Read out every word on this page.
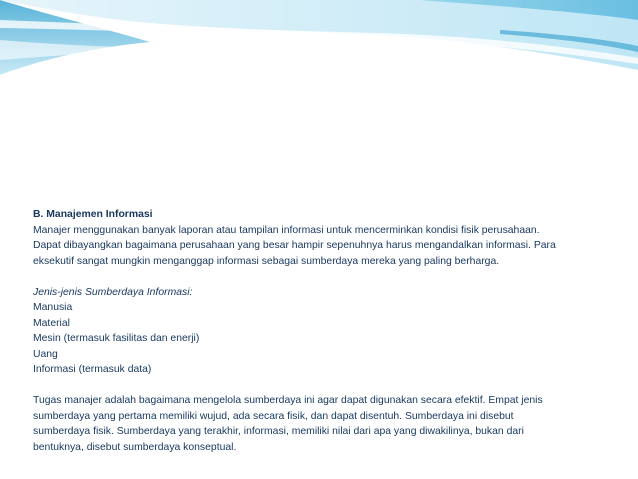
B. Manajemen Informasi

Manajer menggunakan banyak laporan atau tampilan informasi untuk mencerminkan kondisi fisik perusahaan.

Dapat dibayangkan bagaimana perusahaan yang besar hampir sepenuhnya harus mengandalkan informasi. Para

eksekutif sangat mungkin menganggap informasi sebagai sumberdaya mereka yang paling berharga.

Jenis-jenis Sumberdaya Informasi:

Manusia
Material
Mesin (termasuk fasilitas dan enerji)
Uang
Informasi (termasuk data)

Tugas manajer adalah bagaimana mengelola sumberdaya ini agar dapat digunakan secara efektif. Empat jenis

sumberdaya yang pertama memiliki wujud, ada secara fisik, dan dapat disentuh. Sumberdaya ini disebut

sumberdaya fisik. Sumberdaya yang terakhir, informasi, memiliki nilai dari apa yang diwakilinya, bukan dari

bentuknya, disebut sumberdaya konseptual.
